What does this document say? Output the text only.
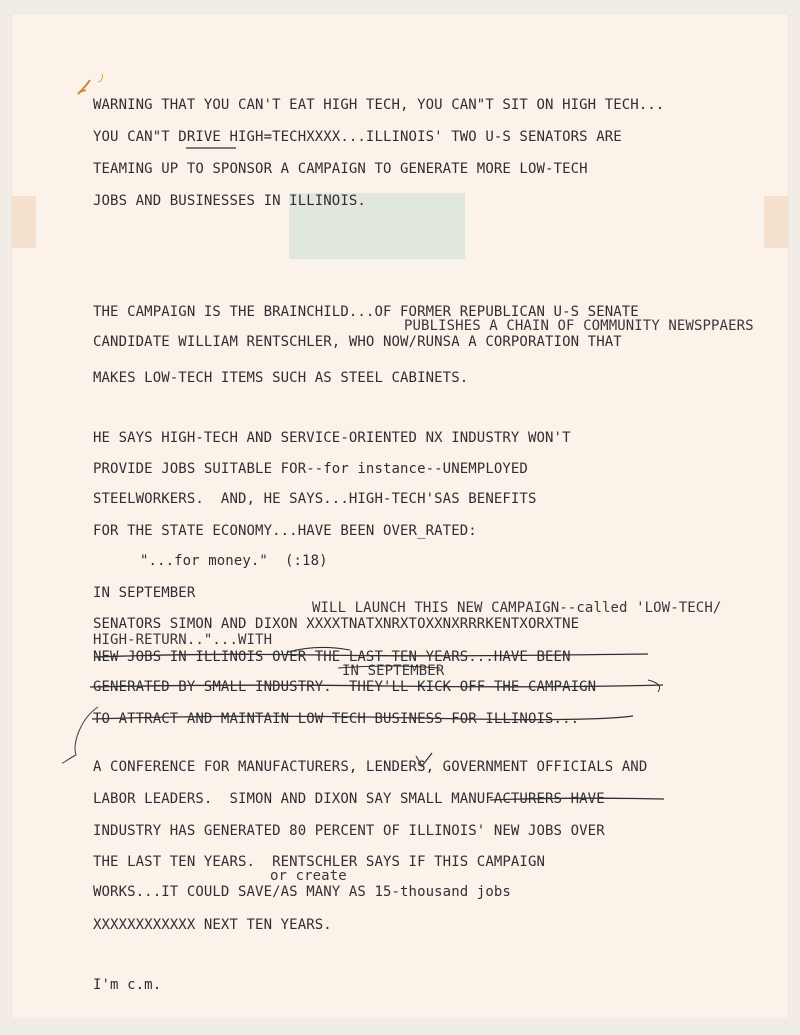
WARNING THAT YOU CAN'T EAT HIGH TECH, YOU CAN"T SIT ON HIGH TECH...

YOU CAN"T DRIVE HIGH=TECHXXXX...ILLINOIS' TWO U-S SENATORS ARE

TEAMING UP TO SPONSOR A CAMPAIGN TO GENERATE MORE LOW-TECH

JOBS AND BUSINESSES IN ILLINOIS.

THE CAMPAIGN IS THE BRAINCHILD...OF FORMER REPUBLICAN U-S SENATE

PUBLISHES A CHAIN OF COMMUNITY NEWSPPAERS

CANDIDATE WILLIAM RENTSCHLER, WHO NOW/RUNSA A CORPORATION THAT

MAKES LOW-TECH ITEMS SUCH AS STEEL CABINETS.

HE SAYS HIGH-TECH AND SERVICE-ORIENTED NX INDUSTRY WON'T

PROVIDE JOBS SUITABLE FOR--for instance--UNEMPLOYED

STEELWORKERS.  AND, HE SAYS...HIGH-TECH'SAS BENEFITS

FOR THE STATE ECONOMY...HAVE BEEN OVER_RATED:

"...for money."  (:18)

IN SEPTEMBER

WILL LAUNCH THIS NEW CAMPAIGN--called 'LOW-TECH/

SENATORS SIMON AND DIXON XXXXTNATXNRXTOXXNXRRRKENTXORXTNE

HIGH-RETURN.."...WITH

NEW JOBS IN ILLINOIS OVER THE LAST TEN YEARS...HAVE BEEN

IN SEPTEMBER

GENERATED BY SMALL INDUSTRY.  THEY'LL KICK OFF THE CAMPAIGN

TO ATTRACT AND MAINTAIN LOW TECH BUSINESS FOR ILLINOIS...

A CONFERENCE FOR MANUFACTURERS, LENDERS, GOVERNMENT OFFICIALS AND

LABOR LEADERS.  SIMON AND DIXON SAY SMALL MANUFACTURERS HAVE

INDUSTRY HAS GENERATED 80 PERCENT OF ILLINOIS' NEW JOBS OVER

THE LAST TEN YEARS.  RENTSCHLER SAYS IF THIS CAMPAIGN

or create

WORKS...IT COULD SAVE/AS MANY AS 15-thousand jobs

XXXXXXXXXXXX NEXT TEN YEARS.

I'm c.m.
